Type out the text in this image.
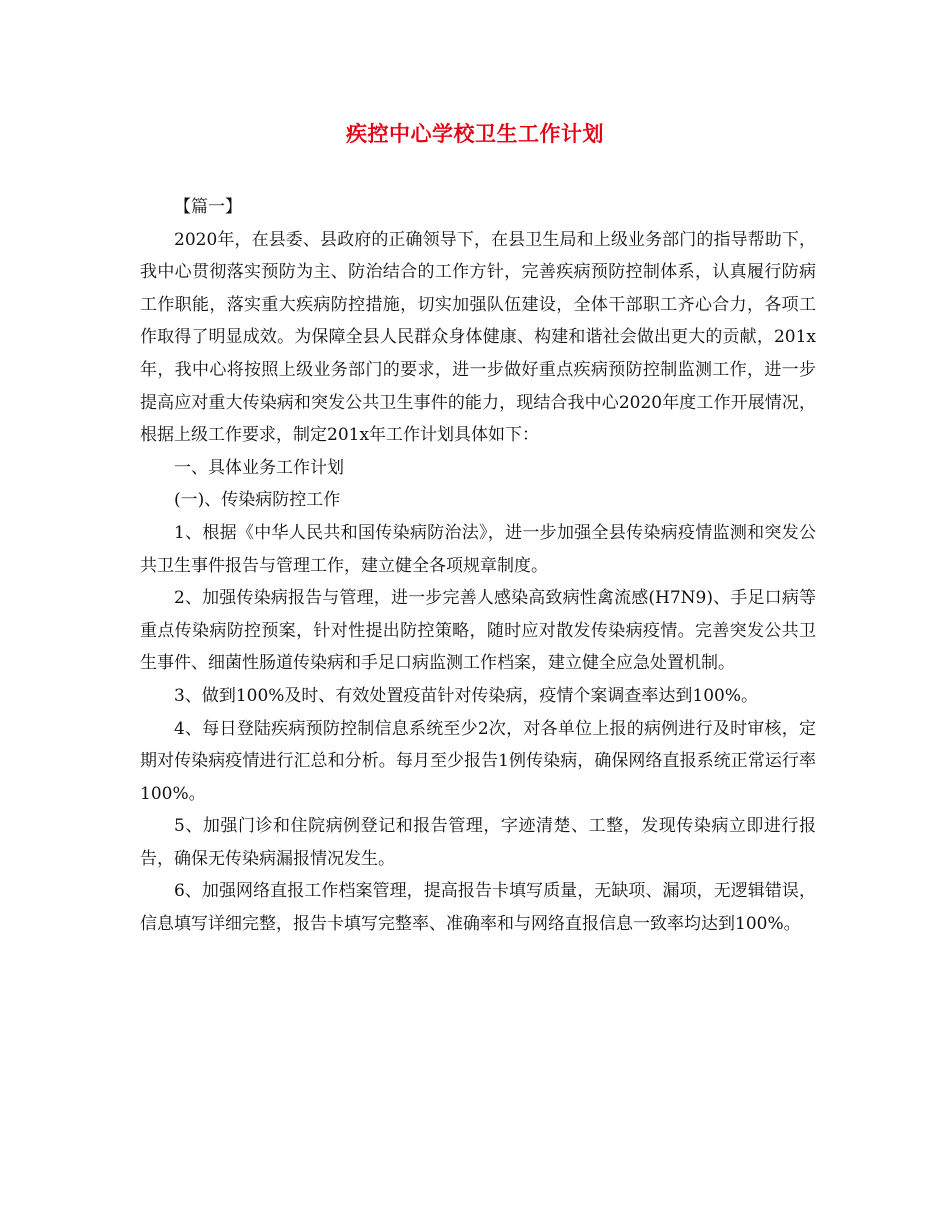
疾控中心学校卫生工作计划

【篇一】

2020年，在县委、县政府的正确领导下，在县卫生局和上级业务部门的指导帮助下，我中心贯彻落实预防为主、防治结合的工作方针，完善疾病预防控制体系，认真履行防病工作职能，落实重大疾病防控措施，切实加强队伍建设，全体干部职工齐心合力，各项工作取得了明显成效。为保障全县人民群众身体健康、构建和谐社会做出更大的贡献，201x年，我中心将按照上级业务部门的要求，进一步做好重点疾病预防控制监测工作，进一步提高应对重大传染病和突发公共卫生事件的能力，现结合我中心2020年度工作开展情况，根据上级工作要求，制定201x年工作计划具体如下：

一、具体业务工作计划

(一)、传染病防控工作

1、根据《中华人民共和国传染病防治法》，进一步加强全县传染病疫情监测和突发公共卫生事件报告与管理工作，建立健全各项规章制度。

2、加强传染病报告与管理，进一步完善人感染高致病性禽流感(H7N9)、手足口病等重点传染病防控预案，针对性提出防控策略，随时应对散发传染病疫情。完善突发公共卫生事件、细菌性肠道传染病和手足口病监测工作档案，建立健全应急处置机制。

3、做到100%及时、有效处置疫苗针对传染病，疫情个案调查率达到100%。

4、每日登陆疾病预防控制信息系统至少2次，对各单位上报的病例进行及时审核，定期对传染病疫情进行汇总和分析。每月至少报告1例传染病，确保网络直报系统正常运行率100%。

5、加强门诊和住院病例登记和报告管理，字迹清楚、工整，发现传染病立即进行报告，确保无传染病漏报情况发生。

6、加强网络直报工作档案管理，提高报告卡填写质量，无缺项、漏项，无逻辑错误，信息填写详细完整，报告卡填写完整率、准确率和与网络直报信息一致率均达到100%。
